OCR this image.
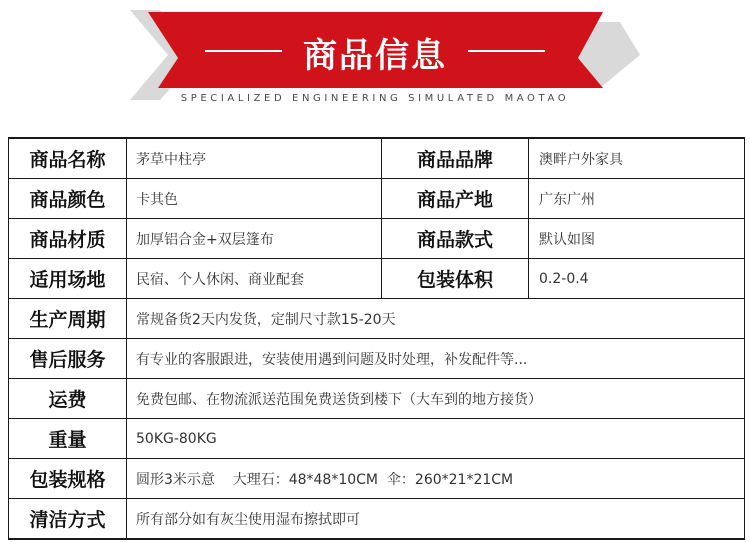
商品信息
SPECIALIZED ENGINEERING SIMULATED MAOTAO
商品名称	茅草中柱亭	商品品牌	澳畔户外家具
商品颜色	卡其色	商品产地	广东广州
商品材质	加厚铝合金+双层篷布	商品款式	默认如图
适用场地	民宿、个人休闲、商业配套	包装体积	0.2-0.4
生产周期	常规备货2天内发货，定制尺寸款15-20天
售后服务	有专业的客服跟进，安装使用遇到问题及时处理，补发配件等...
运费	免费包邮、在物流派送范围免费送货到楼下（大车到的地方接货）
重量	50KG-80KG
包装规格	圆形3米示意    大理石：48*48*10CM  伞：260*21*21CM
清洁方式	所有部分如有灰尘使用湿布擦拭即可
